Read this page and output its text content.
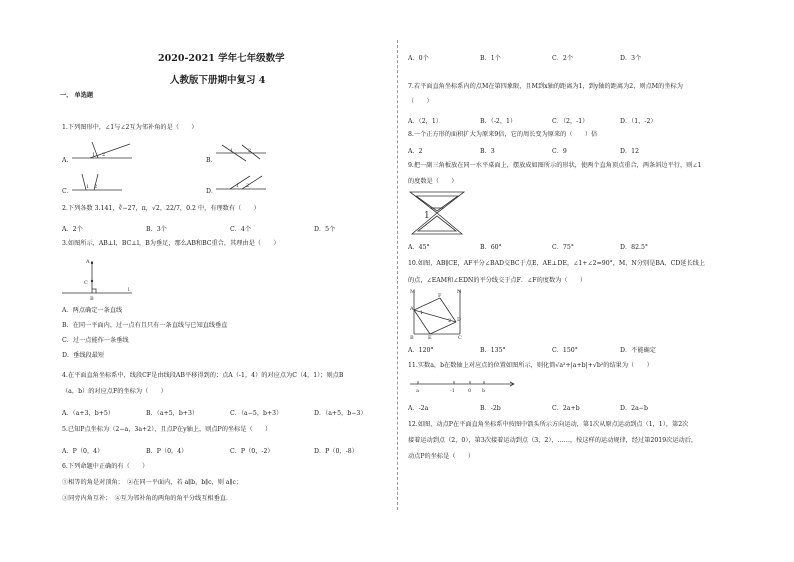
2020-2021 学年七年级数学
人教版下册期中复习 4
一、 单选题
1.下列图形中，∠1与∠2互为邻补角的是（　　）
A．
1 2
B．
1	2
C．
1 2
D．
1 2
2.下列各数 3.141，∛−27，π，√2，22/7，0.2 中，有理数有（　　）
A．2个	B．3个	C．4个	D．5个
3.如图所示，AB⊥l，BC⊥l，B为垂足，那么AB和BC重合，其理由是（　　）
A
C
B
l
A．两点确定一条直线
B．在同一平面内，过一点有且只有一条直线与已知直线垂直
C．过一点能作一条垂线
D．垂线段最短
4.在平面直角坐标系中，线段CF是由线段AB平移得到的；点A（-1，4）的对应点为C（4，1）；则点B
（a，b）的对应点F的坐标为（　　）
A．（a+3，b+5）	B．（a+5，b+3）	C．（a−5，b+3）	D．（a+5，b−3）
5.已知P点坐标为（2−a，3a+2），且点P在y轴上，则点P的坐标是（　　）
A．P（0，4）	B．P（0，4）	C．P（0，-2）	D．P（0，-8）
6.下列命题中正确的有（　　）
①相等的角是对顶角；　②在同一平面内，若 a∥b，b∥c，则 a∥c；
③同旁内角互补；　④互为邻补角的两角的角平分线互相垂直．
A．0个	B．1个	C．2个	D．3个
7.若平面直角坐标系内的点M在第四象限，且M到x轴的距离为1，到y轴的距离为2，则点M的坐标为
（　　）
A．（2，1）	B．（-2，1）	C．（2，-1）	D．（1，-2）
8.一个正方形的面积扩大为原来9倍，它的周长变为原来的（　　）倍
A．2	B．3	C．9	D．12
9.把一副三角板放在同一水平桌面上，摆放成如图所示的形状，使两个直角顶点重合，两条斜边平行，则∠1
的度数是（　　）
1
A．45°	B．60°	C．75°	D．82.5°
10.如图，AB∥CE，AF平分∠BAD交BC于点E，AE⊥DE，∠1+∠2=90°，M、N分别是BA、CD延长线上
的点，∠EAM和∠EDN的平分线交于点F．∠F的度数为（　　）
M	N
A
F
D
B	E	C
1
2
A．120°	B．135°	C．150°	D．不能确定
11.实数a，b在数轴上对应点的位置如图所示，则化简√a²+|a+b|+√b²的结果为（　　）
a	-1	0 b
A．-2a	B．-2b	C．2a+b	D．2a−b
12.如图，动点P在平面直角坐标系中按图中箭头所示方向运动，第1次从原点运动到点（1，1），第2次
接着运动到点（2，0），第3次接着运动到点（3，2），……，按这样的运动规律，经过第2019次运动后，
动点P的坐标是（　　）
